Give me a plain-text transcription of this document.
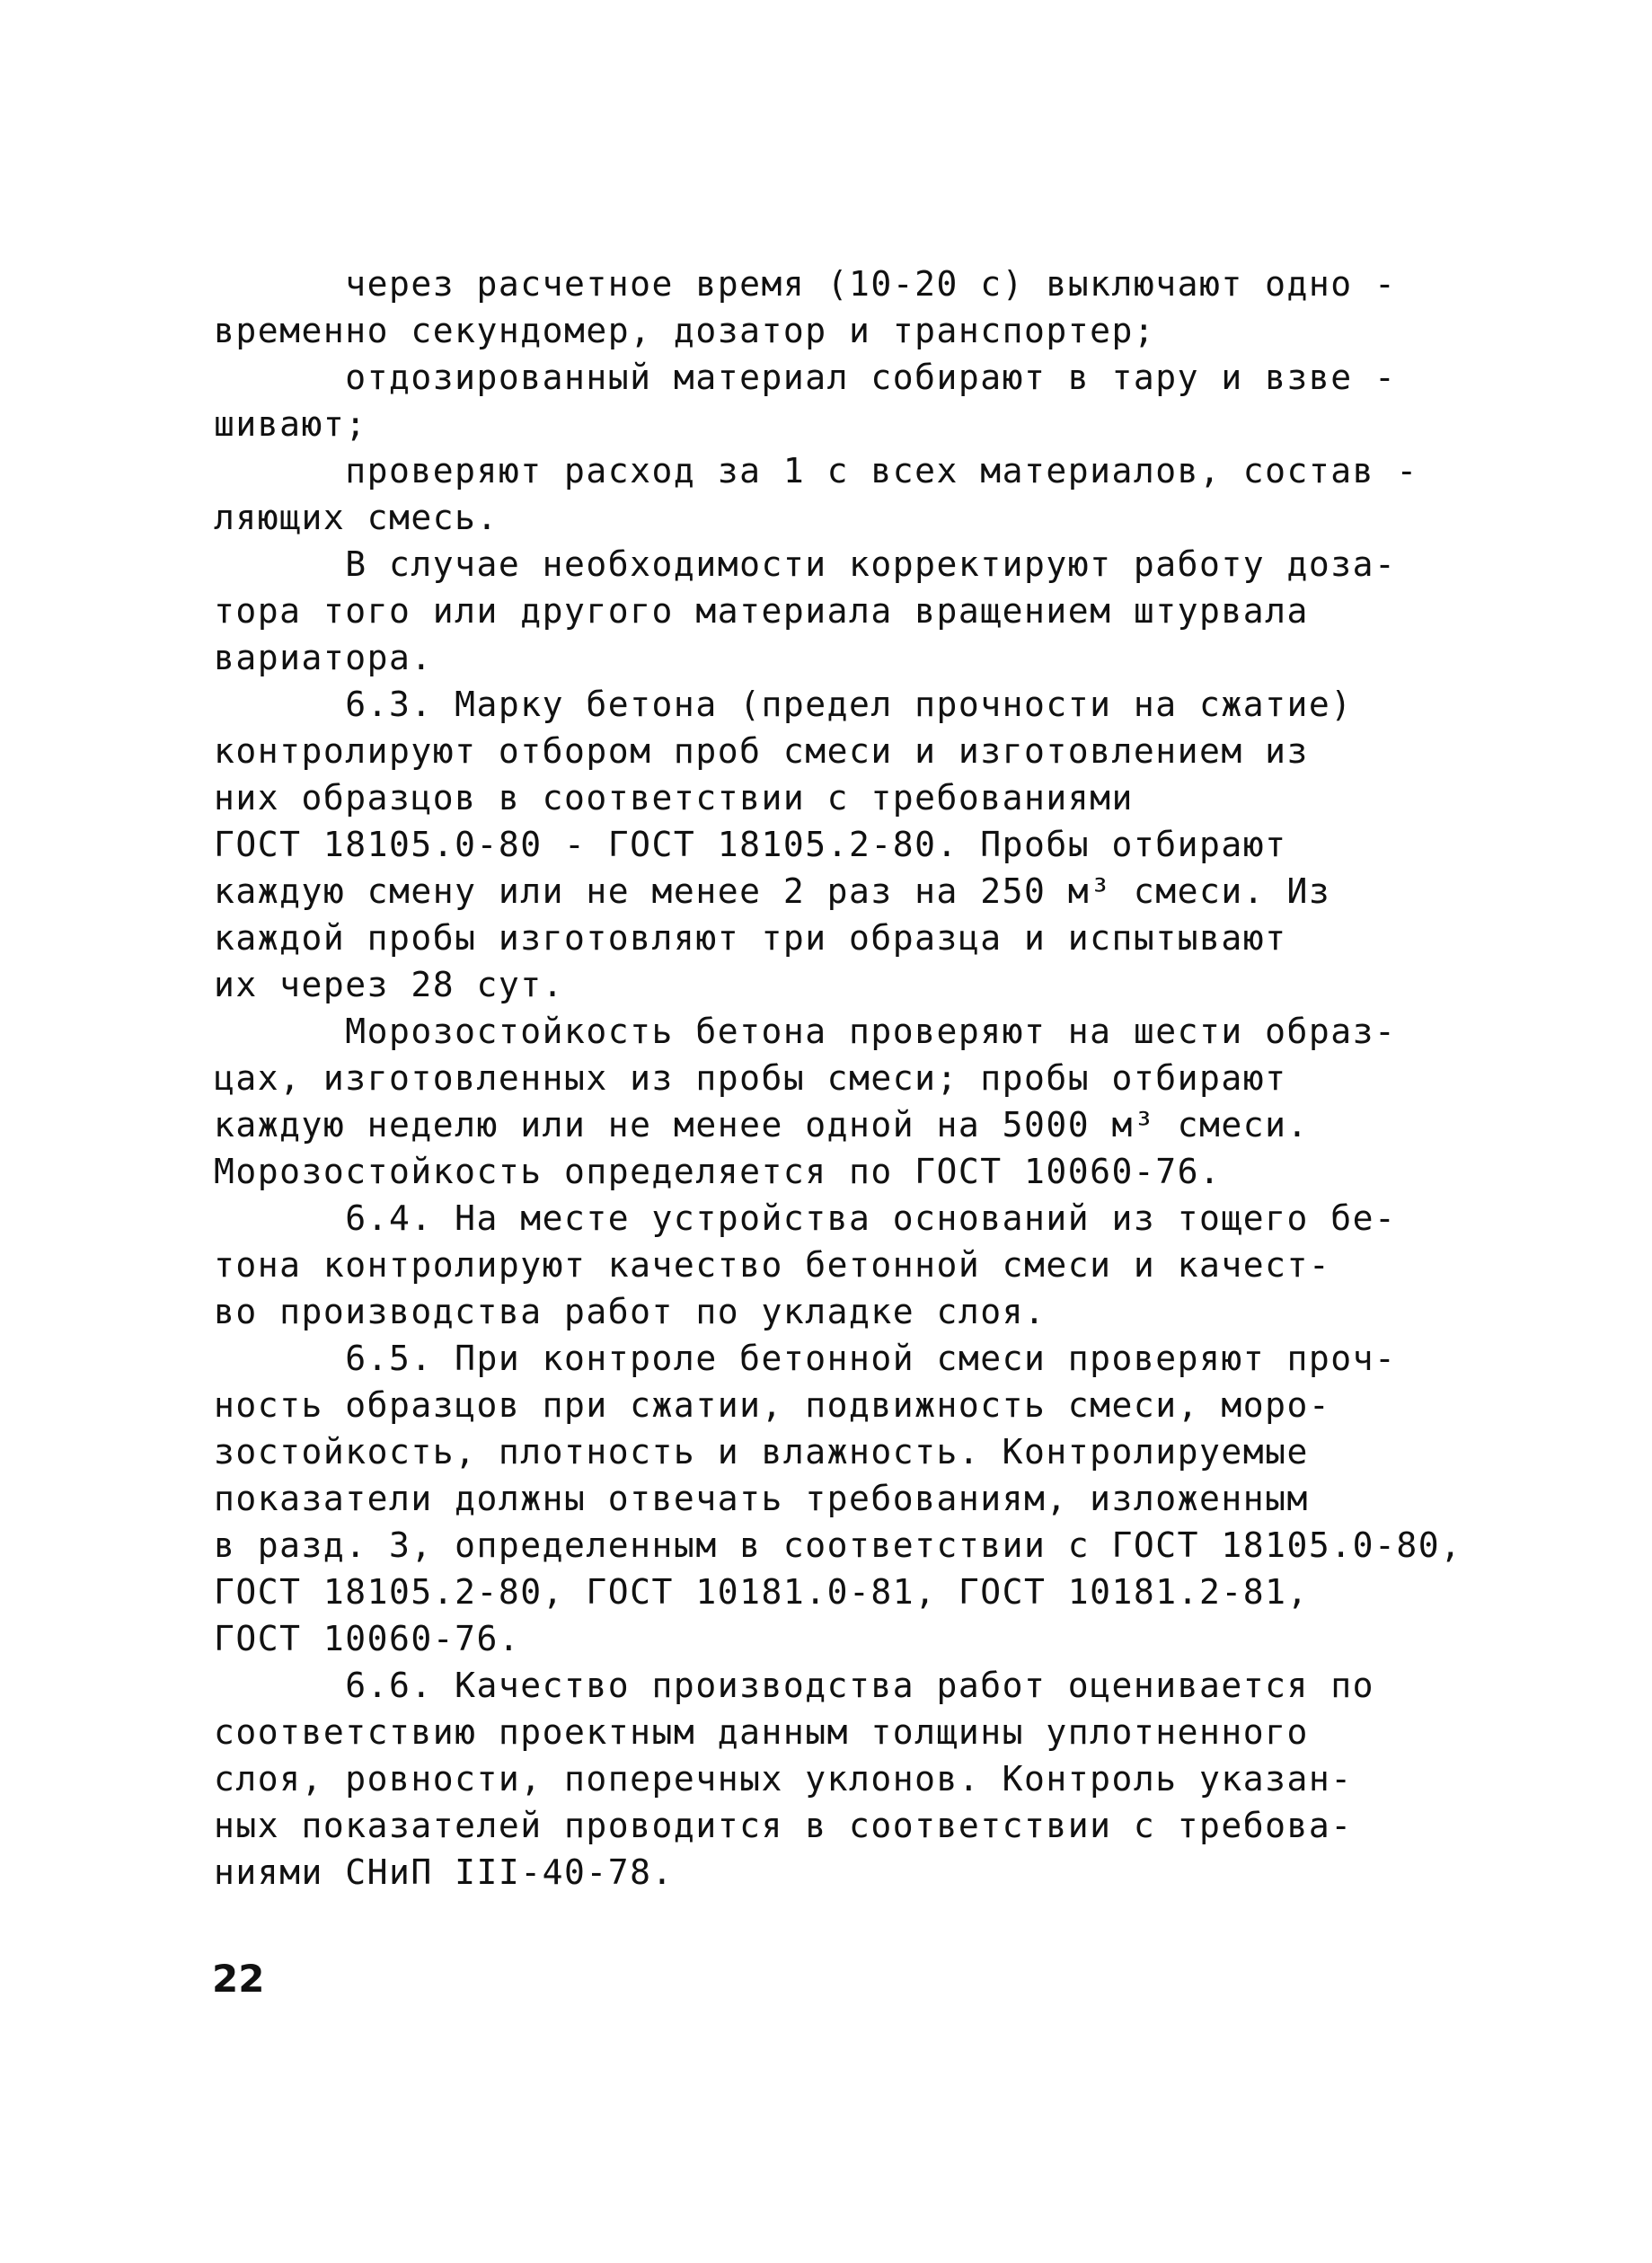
через расчетное время (10-20 с) выключают одно -
временно секундомер, дозатор и транспортер;
отдозированный материал собирают в тару и взве -
шивают;
проверяют расход за 1 с всех материалов, состав -
ляющих смесь.
В случае необходимости корректируют работу доза-
тора того или другого материала вращением штурвала
вариатора.
6.3. Марку бетона (предел прочности на сжатие)
контролируют отбором проб смеси и изготовлением из
них образцов в соответствии с требованиями
ГОСТ 18105.0-80 - ГОСТ 18105.2-80. Пробы отбирают
каждую смену или не менее 2 раз на 250 м³ смеси. Из
каждой пробы изготовляют три образца и испытывают
их через 28 сут.
Морозостойкость бетона проверяют на шести образ-
цах, изготовленных из пробы смеси; пробы отбирают
каждую неделю или не менее одной на 5000 м³ смеси.
Морозостойкость определяется по ГОСТ 10060-76.
6.4. На месте устройства оснований из тощего бе-
тона контролируют качество бетонной смеси и качест-
во производства работ по укладке слоя.
6.5. При контроле бетонной смеси проверяют проч-
ность образцов при сжатии, подвижность смеси, моро-
зостойкость, плотность и влажность. Контролируемые
показатели должны отвечать требованиям, изложенным
в разд. 3, определенным в соответствии с ГОСТ 18105.0-80,
ГОСТ 18105.2-80, ГОСТ 10181.0-81, ГОСТ 10181.2-81,
ГОСТ 10060-76.
6.6. Качество производства работ оценивается по
соответствию проектным данным толщины уплотненного
слоя, ровности, поперечных уклонов. Контроль указан-
ных показателей проводится в соответствии с требова-
ниями СНиП III-40-78.
22
